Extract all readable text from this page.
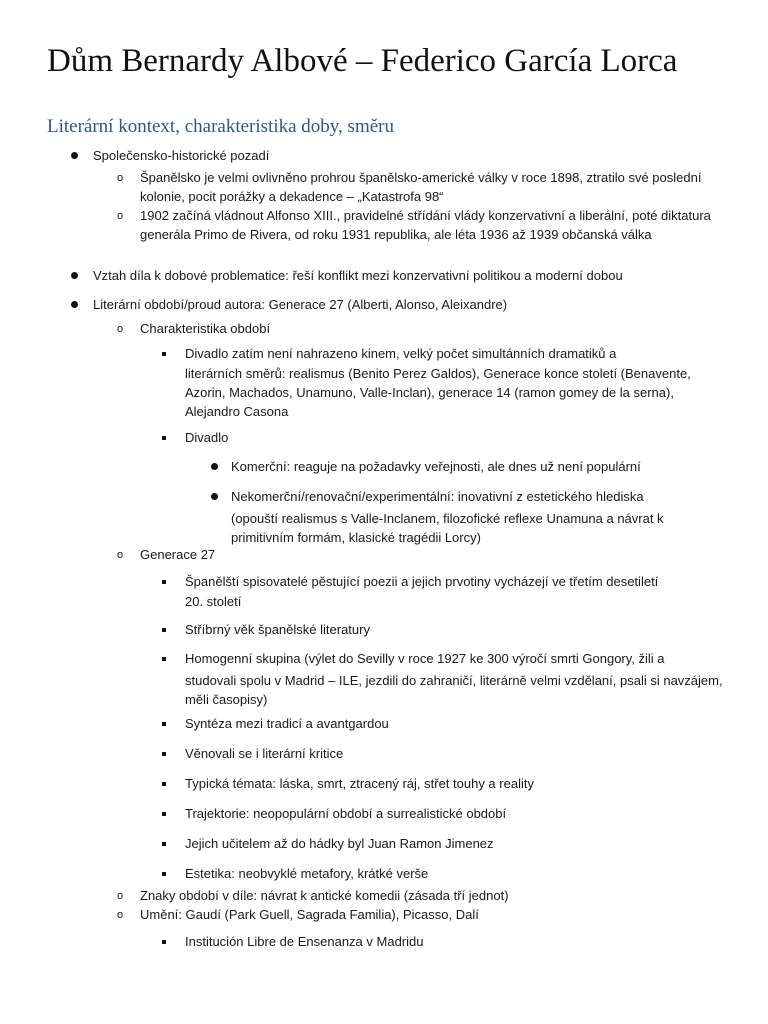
Dům Bernardy Albové – Federico García Lorca
Literární kontext, charakteristika doby, směru
Společensko-historické pozadí
o Španělsko je velmi ovlivněno prohrou španělsko-americké války v roce 1898, ztratilo své poslední kolonie, pocit porážky a dekadence – „Katastrofa 98“
o 1902 začíná vládnout Alfonso XIII., pravidelné střídání vlády konzervativní a liberální, poté diktatura generála Primo de Rivera, od roku 1931 republika, ale léta 1936 až 1939 občanská válka
Vztah díla k dobové problematice: řeší konflikt mezi konzervativní politikou a moderní dobou
Literární období/proud autora: Generace 27 (Alberti, Alonso, Aleixandre)
o Charakteristika období
Divadlo zatím není nahrazeno kinem, velký počet simultánních dramatiků a
literárních směrů: realismus (Benito Perez Galdos), Generace konce století (Benavente, Azorin, Machados, Unamuno, Valle-Inclan), generace 14 (ramon gomey de la serna), Alejandro Casona
Divadlo
Komerční: reaguje na požadavky veřejnosti, ale dnes už není populární
Nekomerční/renovační/experimentální: inovativní z estetického hlediska
(opouští realismus s Valle-Inclanem, filozofické reflexe Unamuna a návrat k primitivním formám, klasické tragédii Lorcy)
o Generace 27
Španělští spisovatelé pěstující poezii a jejich prvotiny vycházejí ve třetím desetiletí
20. století
Stříbrný věk španělské literatury
Homogenní skupina (výlet do Sevilly v roce 1927 ke 300 výročí smrti Gongory, žili a
studovali spolu v Madrid – ILE, jezdili do zahraničí, literárně velmi vzdělaní, psali si navzájem, měli časopisy)
Syntéza mezi tradicí a avantgardou
Věnovali se i literární kritice
Typická témata: láska, smrt, ztracený ráj, střet touhy a reality
Trajektorie: neopopulární období a surrealistické období
Jejich učitelem až do hádky byl Juan Ramon Jimenez
Estetika: neobvyklé metafory, krátké verše
o Znaky období v díle: návrat k antické komedii (zásada tří jednot)
o Umění: Gaudí (Park Guell, Sagrada Familia), Picasso, Dalí
Institución Libre de Ensenanza v Madridu
